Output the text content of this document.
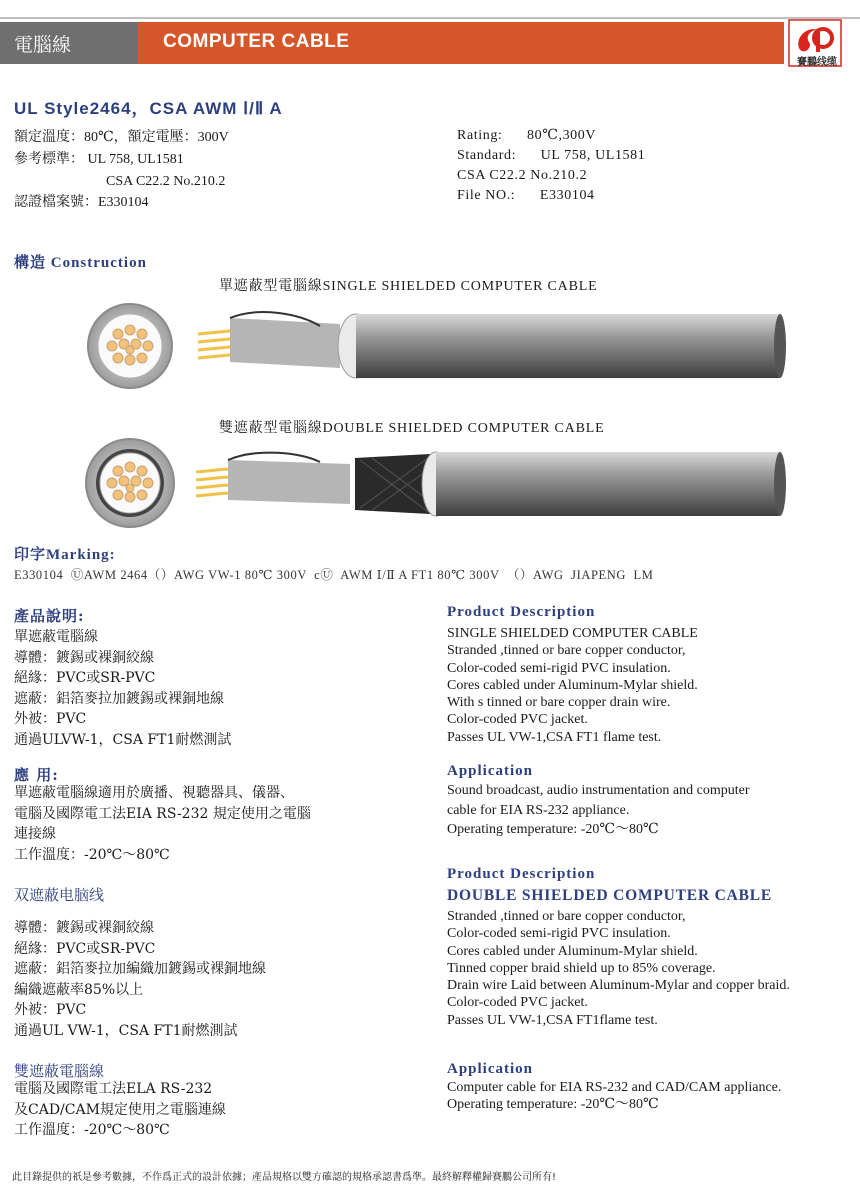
電腦線	COMPUTER CABLE
賽鵬线缆
UL Style2464，CSA AWM Ⅰ/Ⅱ A
額定溫度：80℃，額定電壓：300V
參考標準： UL 758, UL1581
CSA C22.2 No.210.2
認證檔案號：E330104
Rating:      80℃,300V
Standard:      UL 758, UL1581
CSA C22.2 No.210.2
File NO.:      E330104
構造 Construction
單遮蔽型電腦線SINGLE SHIELDED COMPUTER CABLE
雙遮蔽型電腦線DOUBLE SHIELDED COMPUTER CABLE
印字Marking:
E330104  ⓊAWM 2464（）AWG VW-1 80℃ 300V  cⓊ  AWM Ⅰ/Ⅱ A FT1 80℃ 300V  （）AWG  JIAPENG  LM
產品說明:
單遮蔽電腦線
導體：鍍錫或裸銅絞線
絕緣：PVC或SR-PVC
遮蔽：鋁箔麥拉加鍍錫或裸銅地線
外被：PVC
通過ULVW-1，CSA FT1耐燃測試
應 用:
單遮蔽電腦線適用於廣播、視聽器具、儀器、
電腦及國際電工法EIA RS-232 規定使用之電腦
連接線
工作溫度：-20℃～80℃
双遮蔽电脑线
導體：鍍錫或裸銅絞線
絕緣：PVC或SR-PVC
遮蔽：鋁箔麥拉加編織加鍍錫或裸銅地線
編織遮蔽率85%以上
外被：PVC
通過UL VW-1，CSA FT1耐燃測試
雙遮蔽電腦線
電腦及國際電工法ELA RS-232
及CAD/CAM規定使用之電腦連線
工作溫度：-20℃～80℃
Product Description
SINGLE SHIELDED COMPUTER CABLE
Stranded ,tinned or bare copper conductor,
Color-coded semi-rigid PVC insulation.
Cores cabled under Aluminum-Mylar shield.
With s tinned or bare copper drain wire.
Color-coded PVC jacket.
Passes UL VW-1,CSA FT1 flame test.
Application
Sound broadcast, audio instrumentation and computer
cable for EIA RS-232 appliance.
Operating temperature: -20℃～80℃
Product Description
DOUBLE SHIELDED COMPUTER CABLE
Stranded ,tinned or bare copper conductor,
Color-coded semi-rigid PVC insulation.
Cores cabled under Aluminum-Mylar shield.
Tinned copper braid shield up to 85% coverage.
Drain wire Laid between Aluminum-Mylar and copper braid.
Color-coded PVC jacket.
Passes UL VW-1,CSA FT1flame test.
Application
Computer cable for EIA RS-232 and CAD/CAM appliance.
Operating temperature: -20℃～80℃
此目錄提供的祇是參考數據，不作爲正式的設計依據；產品規格以雙方確認的規格承認書爲準。最終解釋權歸賽鵬公司所有!
